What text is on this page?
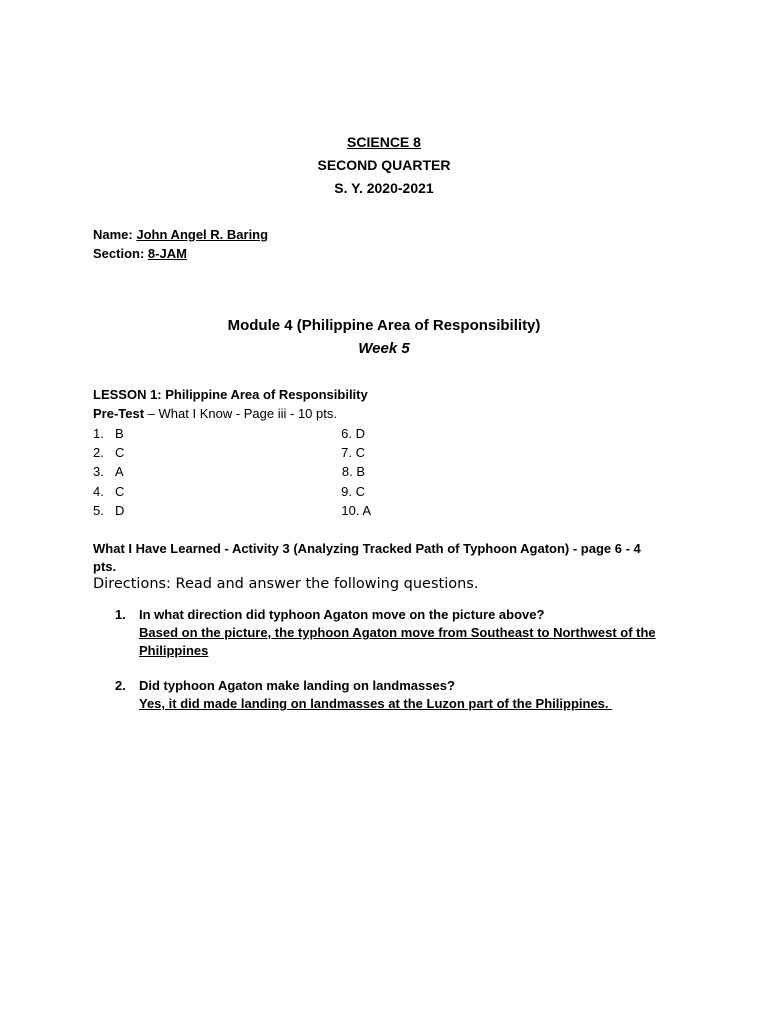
SCIENCE 8
SECOND QUARTER
S. Y. 2020-2021
Name: John Angel R. Baring
Section: 8-JAM
Module 4 (Philippine Area of Responsibility)
Week 5
LESSON 1: Philippine Area of Responsibility
Pre-Test – What I Know - Page iii - 10 pts.
1. B
2. C
3. A
4. C
5. D
6. D
7. C
8. B
9. C
10. A
What I Have Learned - Activity 3 (Analyzing Tracked Path of Typhoon Agaton) - page 6 - 4
pts.
Directions: Read and answer the following questions.
1. In what direction did typhoon Agaton move on the picture above?
Based on the picture, the typhoon Agaton move from Southeast to Northwest of the
Philippines
2. Did typhoon Agaton make landing on landmasses?
Yes, it did made landing on landmasses at the Luzon part of the Philippines.
